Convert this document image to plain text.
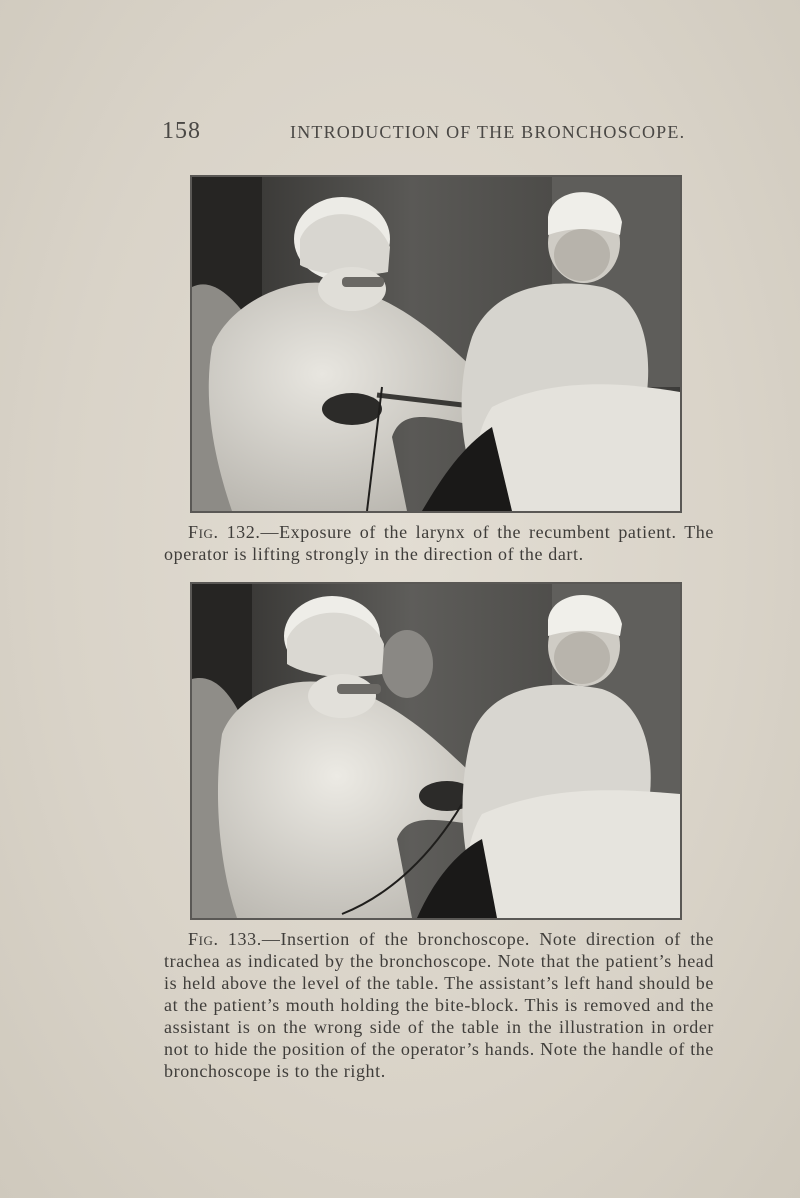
158	INTRODUCTION OF THE BRONCHOSCOPE.
Fig. 132.—Exposure of the larynx of the recumbent patient. The operator is lifting strongly in the direction of the dart.
Fig. 133.—Insertion of the bronchoscope. Note direction of the trachea as indicated by the bronchoscope. Note that the patient’s head is held above the level of the table. The assistant’s left hand should be at the patient’s mouth holding the bite-block. This is removed and the assistant is on the wrong side of the table in the illustration in order not to hide the position of the operator’s hands. Note the handle of the bronchoscope is to the right.
